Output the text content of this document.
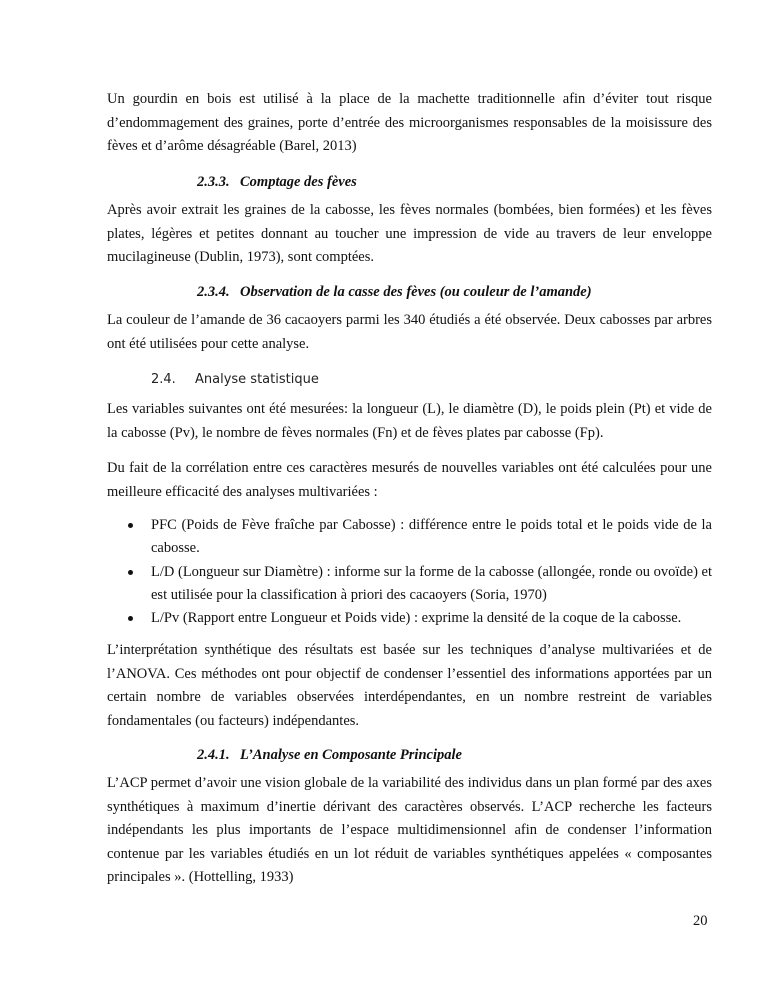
Un gourdin en bois est utilisé à la place de la machette traditionnelle afin d’éviter tout risque d’endommagement des graines, porte d’entrée des microorganismes responsables de la moisissure des fèves et d’arôme désagréable (Barel, 2013)

2.3.3. Comptage des fèves

Après avoir extrait les graines de la cabosse, les fèves normales (bombées, bien formées) et les fèves plates, légères et petites donnant au toucher une impression de vide au travers de leur enveloppe mucilagineuse (Dublin, 1973), sont comptées.

2.3.4. Observation de la casse des fèves (ou couleur de l’amande)

La couleur de l’amande de 36 cacaoyers parmi les 340 étudiés a été observée. Deux cabosses par arbres ont été utilisées pour cette analyse.

2.4. Analyse statistique

Les variables suivantes ont été mesurées: la longueur (L), le diamètre (D), le poids plein (Pt) et vide de la cabosse (Pv), le nombre de fèves normales (Fn) et de fèves plates par cabosse (Fp).

Du fait de la corrélation entre ces caractères mesurés de nouvelles variables ont été calculées pour une meilleure efficacité des analyses multivariées :

PFC (Poids de Fève fraîche par Cabosse) : différence entre le poids total et le poids vide de la cabosse.
L/D (Longueur sur Diamètre) : informe sur la forme de la cabosse (allongée, ronde ou ovoïde) et est utilisée pour la classification à priori des cacaoyers (Soria, 1970)
L/Pv (Rapport entre Longueur et Poids vide) : exprime la densité de la coque de la cabosse.

L’interprétation synthétique des résultats est basée sur les techniques d’analyse multivariées et de l’ANOVA. Ces méthodes ont pour objectif de condenser l’essentiel des informations apportées par un certain nombre de variables observées interdépendantes, en un nombre restreint de variables fondamentales (ou facteurs) indépendantes.

2.4.1. L’Analyse en Composante Principale

L’ACP permet d’avoir une vision globale de la variabilité des individus dans un plan formé par des axes synthétiques à maximum d’inertie dérivant des caractères observés. L’ACP recherche les facteurs indépendants les plus importants de l’espace multidimensionnel afin de condenser l’information contenue par les variables étudiés en un lot réduit de variables synthétiques appelées « composantes principales ». (Hottelling, 1933)

20
